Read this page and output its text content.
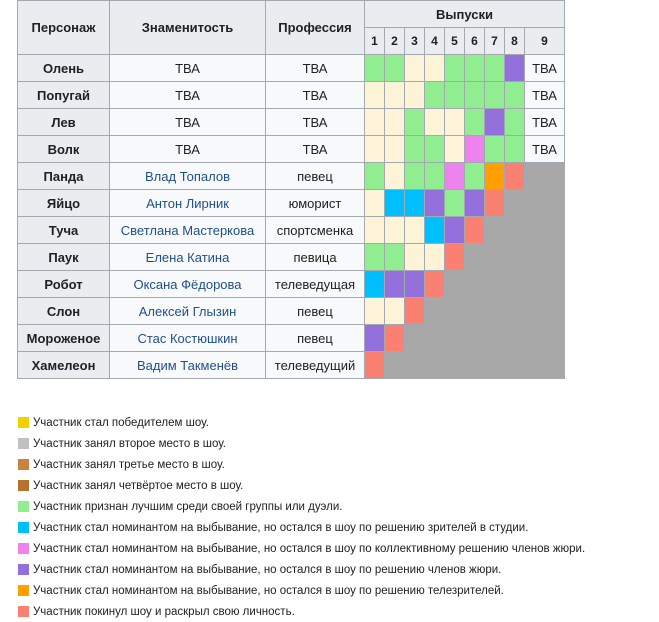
Персонаж	Знаменитость	Профессия	Выпуски								
			1	2	3	4	5	6	7	8	9
Олень	ТВА	ТВА									ТВА
Попугай	ТВА	ТВА									ТВА
Лев	ТВА	ТВА									ТВА
Волк	ТВА	ТВА									ТВА
Панда	Влад Топалов	певец									
Яйцо	Антон Лирник	юморист									
Туча	Светлана Мастеркова	спортсменка									
Паук	Елена Катина	певица									
Робот	Оксана Фёдорова	телеведущая									
Слон	Алексей Глызин	певец									
Мороженое	Стас Костюшкин	певец									
Хамелеон	Вадим Такменёв	телеведущий									
Участник стал победителем шоу.
Участник занял второе место в шоу.
Участник занял третье место в шоу.
Участник занял четвёртое место в шоу.
Участник признан лучшим среди своей группы или дуэли.
Участник стал номинантом на выбывание, но остался в шоу по решению зрителей в студии.
Участник стал номинантом на выбывание, но остался в шоу по коллективному решению членов жюри.
Участник стал номинантом на выбывание, но остался в шоу по решению членов жюри.
Участник стал номинантом на выбывание, но остался в шоу по решению телезрителей.
Участник покинул шоу и раскрыл свою личность.
